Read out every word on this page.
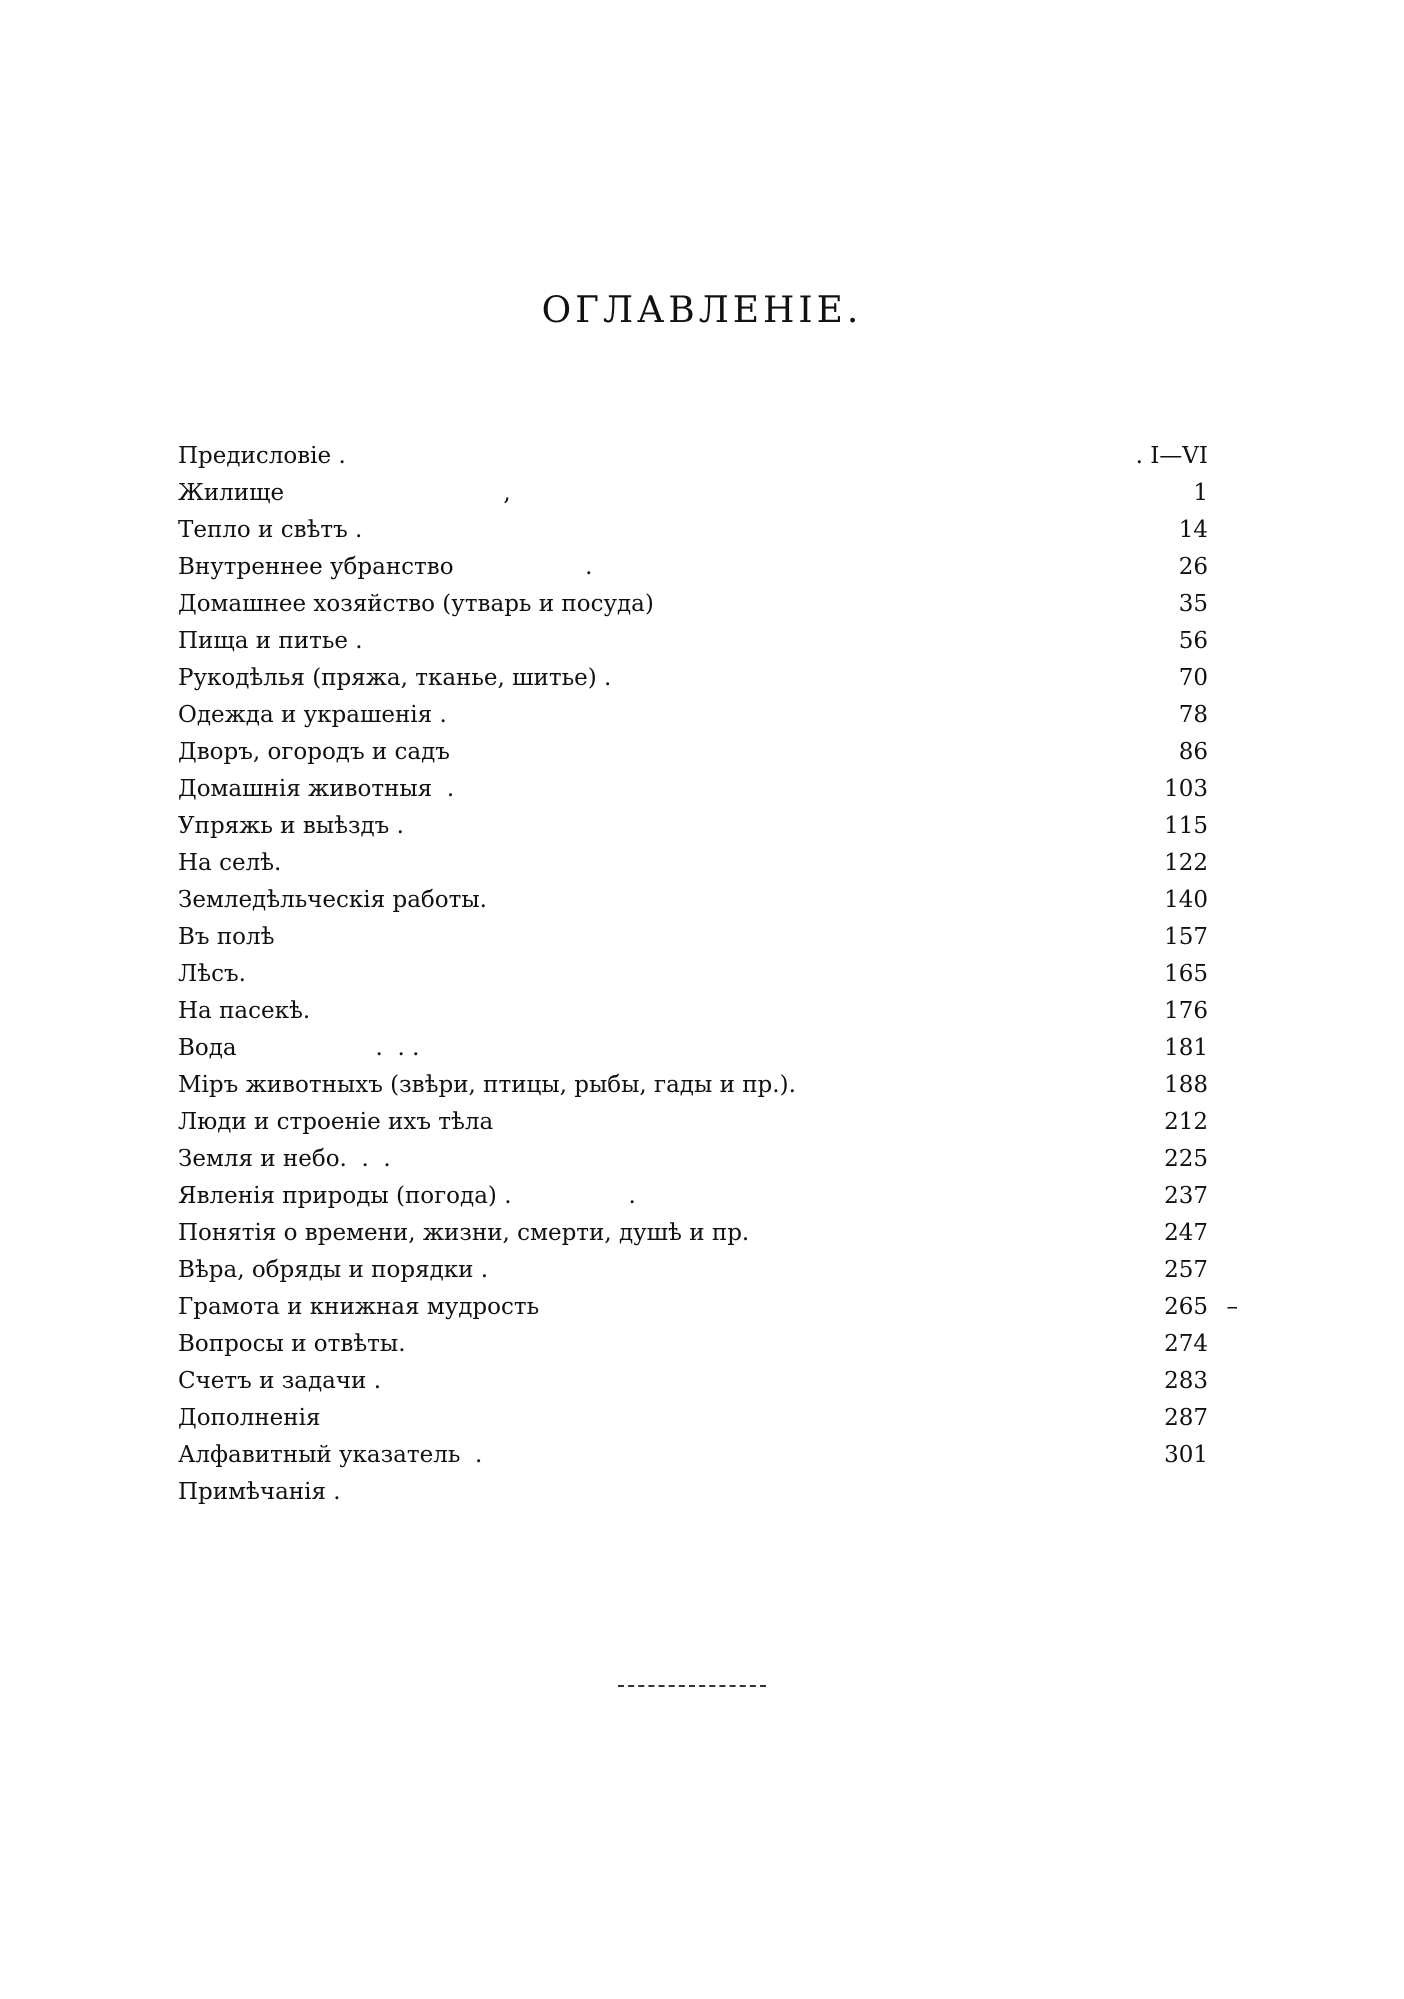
ОГЛАВЛЕНІЕ.
Предисловіе .	. I—VI
Жилище                              ,	1
Тепло и свѣтъ .	14
Внутреннее убранство                  .	26
Домашнее хозяйство (утварь и посуда)	35
Пища и питье .	56
Рукодѣлья (пряжа, тканье, шитье) .	70
Одежда и украшенія .	78
Дворъ, огородъ и садъ	86
Домашнія животныя  .	103
Упряжь и выѣздъ .	115
На селѣ.	122
Земледѣльческія работы.	140
Въ полѣ	157
Лѣсъ.	165
На пасекѣ.	176
Вода                   .  . .	181
Міръ животныхъ (звѣри, птицы, рыбы, гады и пр.).	188
Люди и строеніе ихъ тѣла	212
Земля и небо.  .  .	225
Явленія природы (погода) .                .	237
Понятія о времени, жизни, смерти, душѣ и пр.	247
Вѣра, обряды и порядки .	257
Грамота и книжная мудрость	265 –
Вопросы и отвѣты.	274
Счетъ и задачи .	283
Дополненія	287
Алфавитный указатель  .	301
Примѣчанія .
